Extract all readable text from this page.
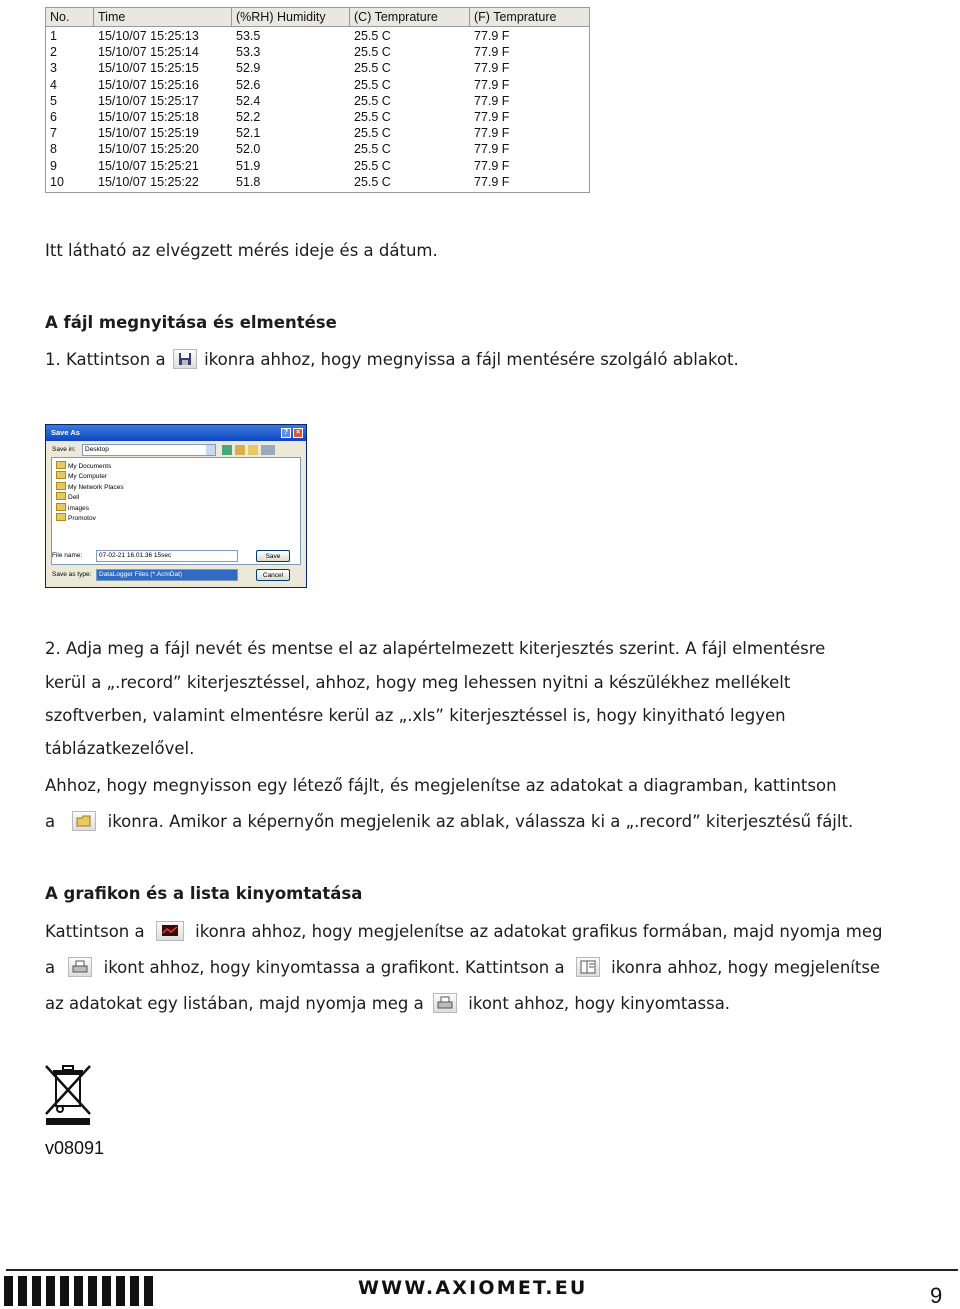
No.	Time	(%RH) Humidity	(C) Temprature	(F) Temprature
1	15/10/07 15:25:13	53.5	25.5 C	77.9 F
2	15/10/07 15:25:14	53.3	25.5 C	77.9 F
3	15/10/07 15:25:15	52.9	25.5 C	77.9 F
4	15/10/07 15:25:16	52.6	25.5 C	77.9 F
5	15/10/07 15:25:17	52.4	25.5 C	77.9 F
6	15/10/07 15:25:18	52.2	25.5 C	77.9 F
7	15/10/07 15:25:19	52.1	25.5 C	77.9 F
8	15/10/07 15:25:20	52.0	25.5 C	77.9 F
9	15/10/07 15:25:21	51.9	25.5 C	77.9 F
10	15/10/07 15:25:22	51.8	25.5 C	77.9 F
Itt látható az elvégzett mérés ideje és a dátum.
A fájl megnyitása és elmentése
1. Kattintson a ikonra ahhoz, hogy megnyissa a fájl mentésére szolgáló ablakot.
Save As	?	×
Save in:	Desktop
My Documents
My Computer
My Network Places
Dell
images
Promotov
File name:	07-02-21 16.01.36 15sec	Save
Save as type:	DataLogger Files (*.AcmDat)	Cancel
2. Adja meg a fájl nevét és mentse el az alapértelmezett kiterjesztés szerint. A fájl elmentésre
kerül a „.record” kiterjesztéssel, ahhoz, hogy meg lehessen nyitni a készülékhez mellékelt
szoftverben, valamint elmentésre kerül az „.xls” kiterjesztéssel is, hogy kinyitható legyen
táblázatkezelővel.
Ahhoz, hogy megnyisson egy létező fájlt, és megjelenítse az adatokat a diagramban, kattintson
a	ikonra. Amikor a képernyőn megjelenik az ablak, válassza ki a „.record” kiterjesztésű fájlt.
A grafikon és a lista kinyomtatása
Kattintson a	ikonra ahhoz, hogy megjelenítse az adatokat grafikus formában, majd nyomja meg
a	ikont ahhoz, hogy kinyomtassa a grafikont. Kattintson a	ikonra ahhoz, hogy megjelenítse
az adatokat egy listában, majd nyomja meg a	ikont ahhoz, hogy kinyomtassa.
v08091
WWW.AXIOMET.EU	9
